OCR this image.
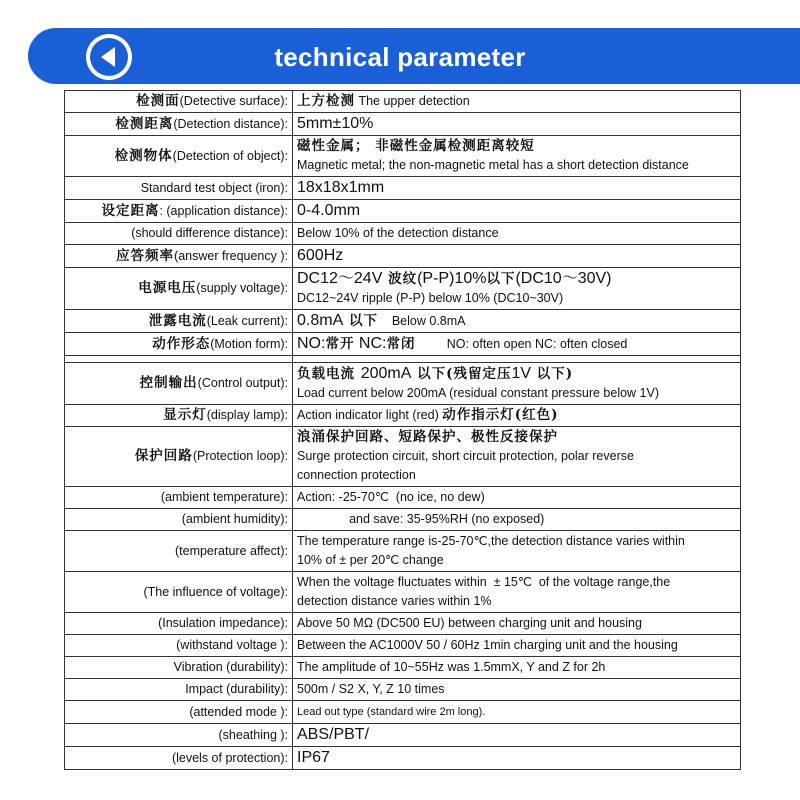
technical parameter
检测面(Detective surface):	上方检测 The upper detection

检测距离(Detection distance):	5mm±10%

检测物体(Detection of object):	磁性金属； 非磁性金属检测距离较短
Magnetic metal; the non-magnetic metal has a short detection distance

Standard test object (iron):	18x18x1mm

设定距离: (application distance):	0-4.0mm

(should difference distance):	Below 10% of the detection distance

应答频率(answer frequency ):	600Hz

电源电压(supply voltage):	DC12～24V 波纹(P-P)10%以下(DC10～30V)
DC12~24V ripple (P-P) below 10% (DC10~30V)

泄露电流(Leak current):	0.8mA 以下    Below 0.8mA

动作形态(Motion form):	NO:常开 NC:常闭         NO: often open NC: often closed

控制输出(Control output):	负载电流 200mA 以下(残留定压1V 以下)
Load current below 200mA (residual constant pressure below 1V)

显示灯(display lamp):	Action indicator light (red) 动作指示灯(红色)

保护回路(Protection loop):	浪涌保护回路、短路保护、极性反接保护
Surge protection circuit, short circuit protection, polar reverse
connection protection

(ambient temperature):	Action: -25-70℃  (no ice, no dew)

(ambient humidity):	and save: 35-95%RH (no exposed)

(temperature affect):	The temperature range is-25-70℃,the detection distance varies within
10% of ± per 20℃ change

(The influence of voltage):	When the voltage fluctuates within  ± 15℃  of the voltage range,the
detection distance varies within 1%

(Insulation impedance):	Above 50 MΩ (DC500 EU) between charging unit and housing

(withstand voltage ):	Between the AC1000V 50 / 60Hz 1min charging unit and the housing

Vibration (durability):	The amplitude of 10~55Hz was 1.5mmX, Y and Z for 2h

Impact (durability):	500m / S2 X, Y, Z 10 times

(attended mode ):	Lead out type (standard wire 2m long).

(sheathing ):	ABS/PBT/

(levels of protection):	IP67
